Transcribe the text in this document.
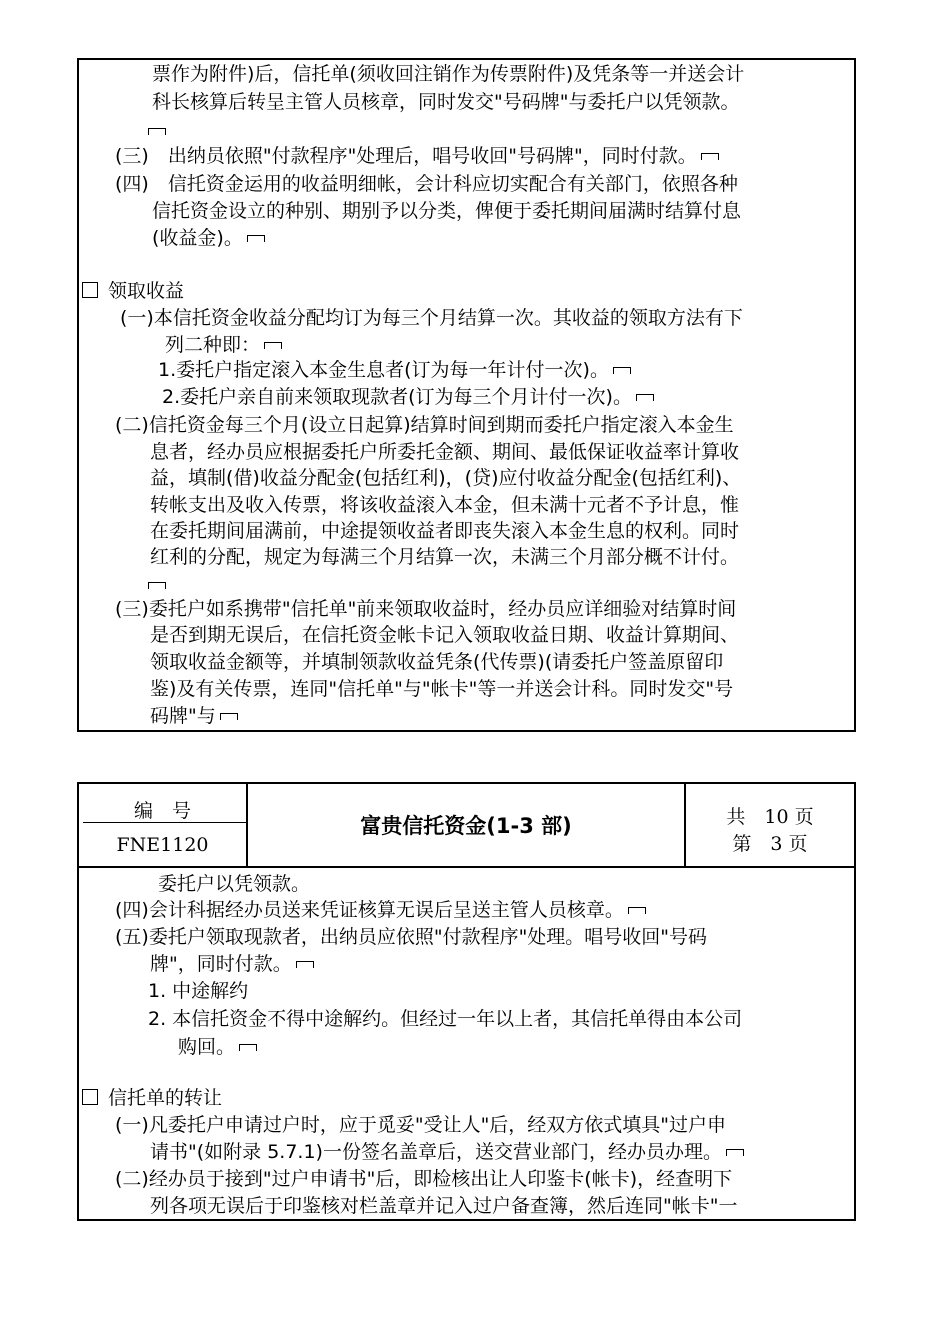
票作为附件)后，信托单(须收回注销作为传票附件)及凭条等一并送会计
科长核算后转呈主管人员核章，同时发交"号码牌"与委托户以凭领款。
(三)　出纳员依照"付款程序"处理后，唱号收回"号码牌"，同时付款。
(四)　信托资金运用的收益明细帐，会计科应切实配合有关部门，依照各种
信托资金设立的种别、期别予以分类，俾便于委托期间届满时结算付息
(收益金)。
领取收益
(一)本信托资金收益分配均订为每三个月结算一次。其收益的领取方法有下
列二种即：
1.委托户指定滚入本金生息者(订为每一年计付一次)。
2.委托户亲自前来领取现款者(订为每三个月计付一次)。
(二)信托资金每三个月(设立日起算)结算时间到期而委托户指定滚入本金生
息者，经办员应根据委托户所委托金额、期间、最低保证收益率计算收
益，填制(借)收益分配金(包括红利)，(贷)应付收益分配金(包括红利)、
转帐支出及收入传票，将该收益滚入本金，但未满十元者不予计息，惟
在委托期间届满前，中途提领收益者即丧失滚入本金生息的权利。同时
红利的分配，规定为每满三个月结算一次，未满三个月部分概不计付。
(三)委托户如系携带"信托单"前来领取收益时，经办员应详细验对结算时间
是否到期无误后，在信托资金帐卡记入领取收益日期、收益计算期间、
领取收益金额等，并填制领款收益凭条(代传票)(请委托户签盖原留印
鉴)及有关传票，连同"信托单"与"帐卡"等一并送会计科。同时发交"号
码牌"与
编　号
FNE1120
富贵信托资金(1-3 部)	共　10 页
第　3 页
委托户以凭领款。
(四)会计科据经办员送来凭证核算无误后呈送主管人员核章。
(五)委托户领取现款者，出纳员应依照"付款程序"处理。唱号收回"号码
牌"，同时付款。
1. 中途解约
2. 本信托资金不得中途解约。但经过一年以上者，其信托单得由本公司
购回。
信托单的转让
(一)凡委托户申请过户时，应于觅妥"受让人"后，经双方依式填具"过户申
请书"(如附录 5.7.1)一份签名盖章后，送交营业部门，经办员办理。
(二)经办员于接到"过户申请书"后，即检核出让人印鉴卡(帐卡)，经查明下
列各项无误后于印鉴核对栏盖章并记入过户备查簿，然后连同"帐卡"一
